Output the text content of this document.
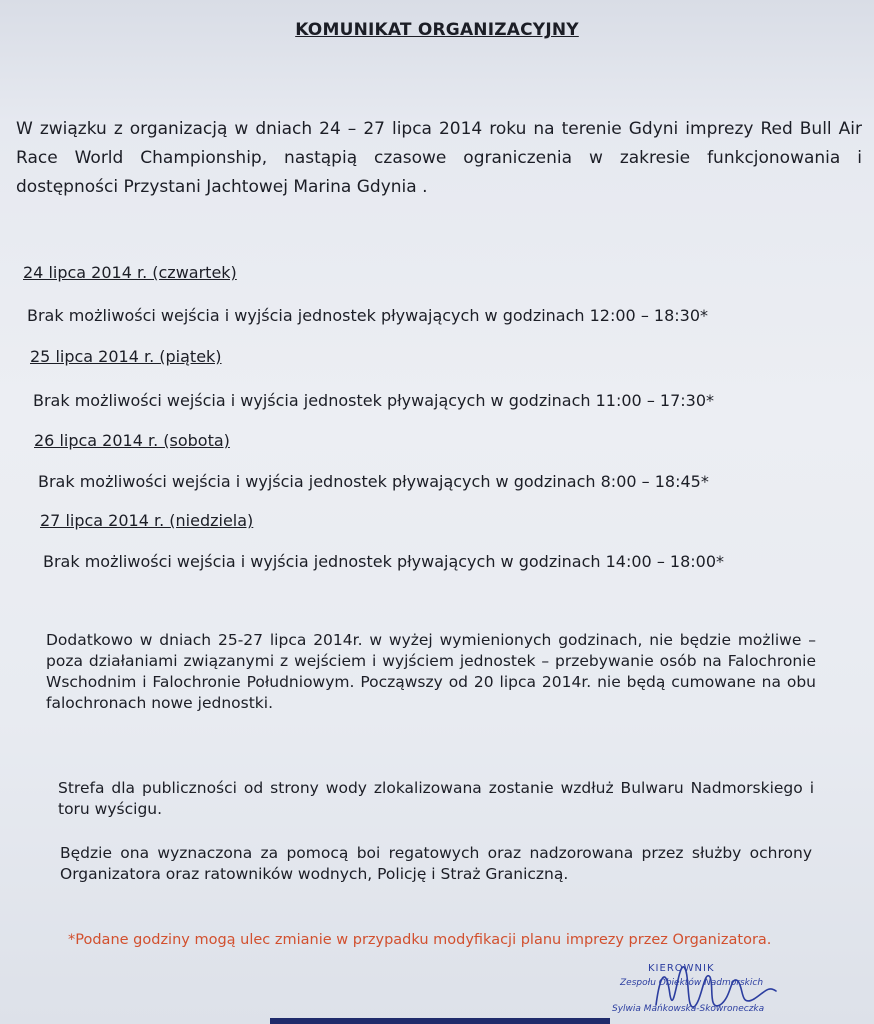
KOMUNIKAT ORGANIZACYJNY
W związku z organizacją w dniach 24 – 27 lipca 2014 roku na terenie Gdyni imprezy Red Bull Air Race World Championship, nastąpią czasowe ograniczenia w zakresie funkcjonowania i dostępności Przystani Jachtowej Marina Gdynia .
24 lipca 2014 r. (czwartek)
Brak możliwości wejścia i wyjścia jednostek pływających w godzinach 12:00 – 18:30*
25 lipca 2014 r. (piątek)
Brak możliwości wejścia i wyjścia jednostek pływających w godzinach 11:00 – 17:30*
26 lipca 2014 r. (sobota)
Brak możliwości wejścia i wyjścia jednostek pływających w godzinach 8:00 – 18:45*
27 lipca 2014 r. (niedziela)
Brak możliwości wejścia i wyjścia jednostek pływających w godzinach 14:00 – 18:00*
Dodatkowo w dniach 25-27 lipca 2014r. w wyżej wymienionych godzinach, nie będzie możliwe – poza działaniami związanymi z wejściem i wyjściem jednostek – przebywanie osób na Falochronie Wschodnim i Falochronie Południowym. Począwszy od 20 lipca 2014r. nie będą cumowane na obu falochronach nowe jednostki.
Strefa dla publiczności od strony wody zlokalizowana zostanie wzdłuż Bulwaru Nadmorskiego i toru wyścigu.
Będzie ona wyznaczona za pomocą boi regatowych oraz nadzorowana przez służby ochrony Organizatora oraz ratowników wodnych, Policję i Straż Graniczną.
*Podane godziny mogą ulec zmianie w przypadku modyfikacji planu imprezy przez Organizatora.
KIEROWNIK
Zespołu Obiektów Nadmorskich
Sylwia Mańkowska-Skowroneczka
